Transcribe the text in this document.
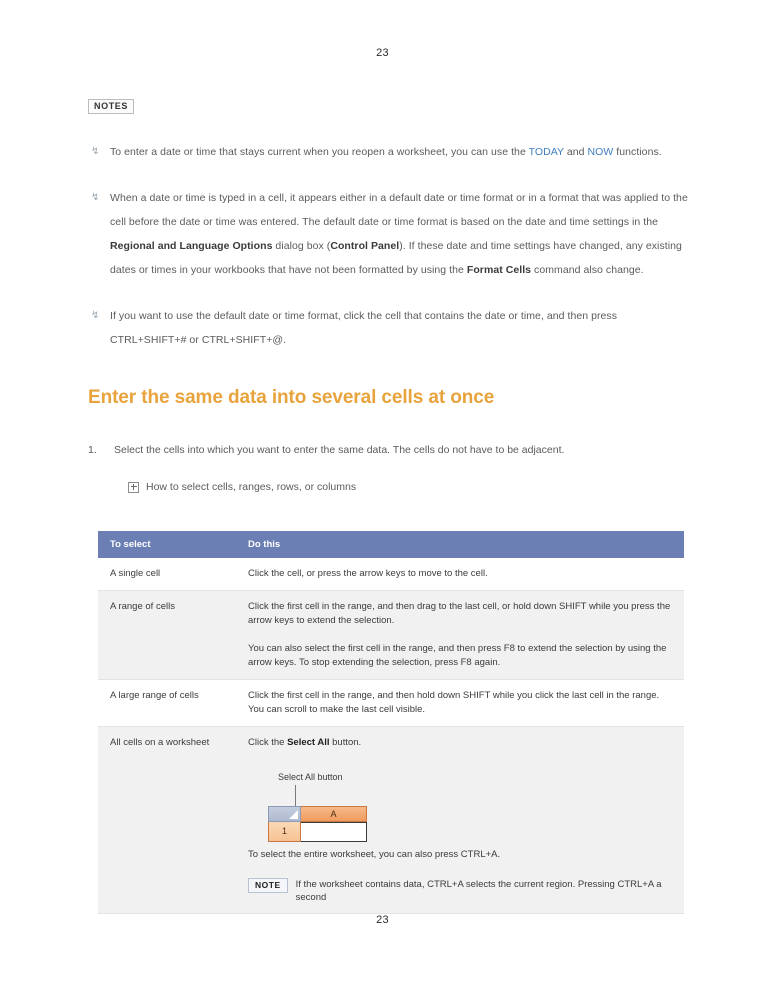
23
NOTES
↯	To enter a date or time that stays current when you reopen a worksheet, you can use the TODAY and NOW functions.
↯	When a date or time is typed in a cell, it appears either in a default date or time format or in a format that was applied to the cell before the date or time was entered. The default date or time format is based on the date and time settings in the Regional and Language Options dialog box (Control Panel). If these date and time settings have changed, any existing dates or times in your workbooks that have not been formatted by using the Format Cells command also change.
↯	If you want to use the default date or time format, click the cell that contains the date or time, and then press CTRL+SHIFT+# or CTRL+SHIFT+@.
Enter the same data into several cells at once
1.	Select the cells into which you want to enter the same data. The cells do not have to be adjacent.
How to select cells, ranges, rows, or columns
To select	Do this
A single cell	Click the cell, or press the arrow keys to move to the cell.

A range of cells	Click the first cell in the range, and then drag to the last cell, or hold down SHIFT while you press the arrow keys to extend the selection.

You can also select the first cell in the range, and then press F8 to extend the selection by using the arrow keys. To stop extending the selection, press F8 again.

A large range of cells	Click the first cell in the range, and then hold down SHIFT while you click the last cell in the range. You can scroll to make the last cell visible.

All cells on a worksheet	Click the Select All button.

Select All button
A
1

To select the entire worksheet, you can also press CTRL+A.

NOTE	If the worksheet contains data, CTRL+A selects the current region. Pressing CTRL+A a second
23
